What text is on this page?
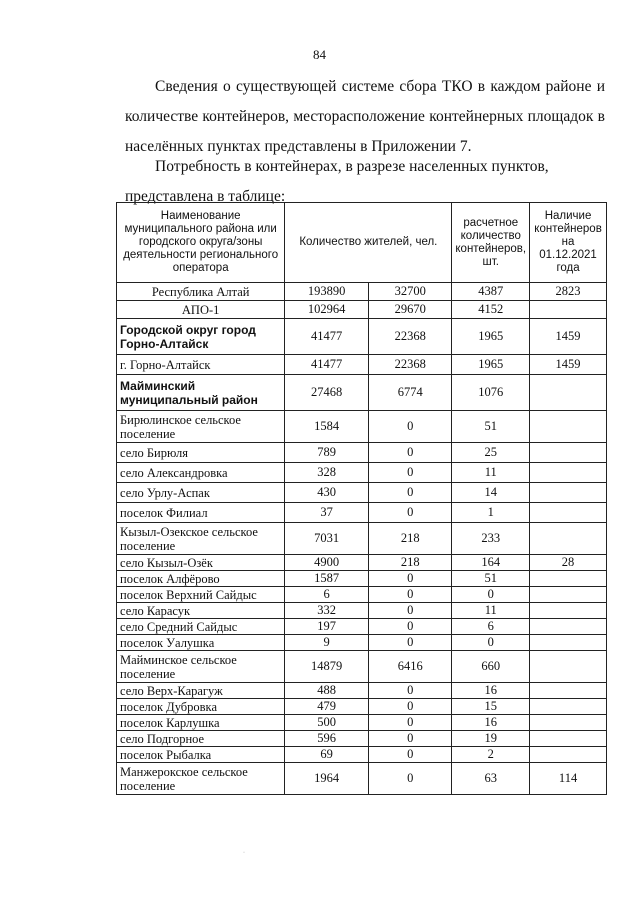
84
Сведения о существующей системе сбора ТКО в каждом районе и количестве контейнеров, месторасположение контейнерных площадок в населённых пунктах представлены в Приложении 7.
Потребность в контейнерах, в разрезе населенных пунктов, представлена в таблице:
Наименование муниципального района или городского округа/зоны деятельности регионального оператора	Количество жителей, чел.		расчетное количество контейнеров, шт.	Наличие контейнеров на 01.12.2021 года
Республика Алтай	193890	32700	4387	2823
АПО-1	102964	29670	4152	
Городской округ город Горно-Алтайск	41477	22368	1965	1459
г. Горно-Алтайск	41477	22368	1965	1459
Майминский муниципальный район	27468	6774	1076	
Бирюлинское сельское поселение	1584	0	51	
село Бирюля	789	0	25	
село Александровка	328	0	11	
село Урлу-Аспак	430	0	14	
поселок Филиал	37	0	1	
Кызыл-Озекское сельское поселение	7031	218	233	
село Кызыл-Озёк	4900	218	164	28
поселок Алфёрово	1587	0	51	
поселок Верхний Сайдыс	6	0	0	
село Карасук	332	0	11	
село Средний Сайдыс	197	0	6	
поселок Уалушка	9	0	0	
Майминское сельское поселение	14879	6416	660	
село Верх-Карагуж	488	0	16	
поселок Дубровка	479	0	15	
поселок Карлушка	500	0	16	
село Подгорное	596	0	19	
поселок Рыбалка	69	0	2	
Манжерокское сельское поселение	1964	0	63	114
·
